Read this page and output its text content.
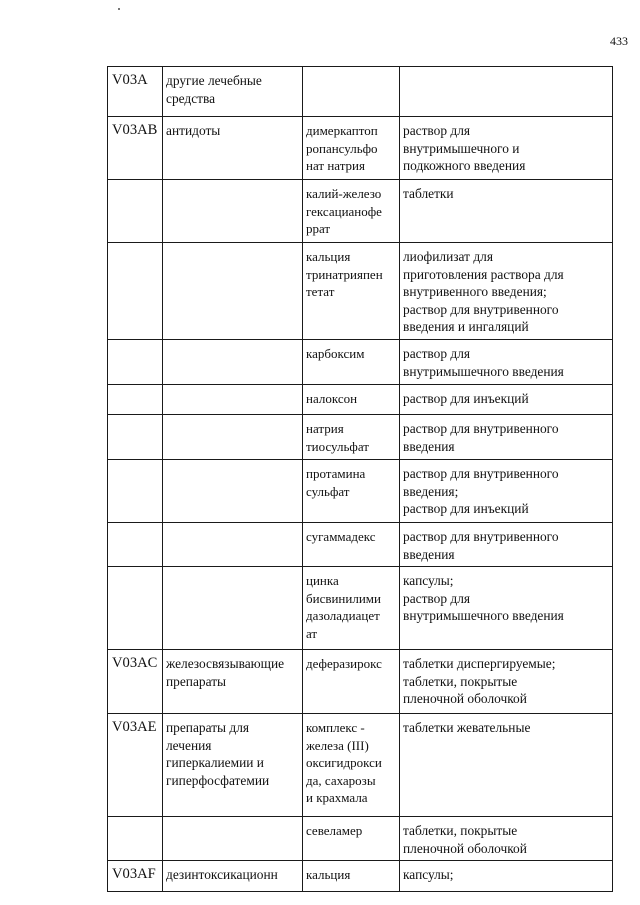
433
V03A	другие лечебные
средства		
V03AB	антидоты	димеркаптоп
ропансульфо
нат натрия	раствор для
внутримышечного и
подкожного введения
		калий-железо
гексацианофе
ррат	таблетки
		кальция
тринатрияпен
тетат	лиофилизат для
приготовления раствора для
внутривенного введения;
раствор для внутривенного
введения и ингаляций
		карбоксим	раствор для
внутримышечного введения
		налоксон	раствор для инъекций
		натрия
тиосульфат	раствор для внутривенного
введения
		протамина
сульфат	раствор для внутривенного
введения;
раствор для инъекций
		сугаммадекс	раствор для внутривенного
введения
		цинка
бисвинилими
дазоладиацет
ат	капсулы;
раствор для
внутримышечного введения
V03AC	железосвязывающие
препараты	деферазирокс	таблетки диспергируемые;
таблетки, покрытые
пленочной оболочкой
V03AE	препараты для
лечения
гиперкалиемии и
гиперфосфатемии	комплекс -
железа (III)
оксигидрокси
да, сахарозы
и крахмала	таблетки жевательные
		севеламер	таблетки, покрытые
пленочной оболочкой
V03AF	дезинтоксикационн	кальция	капсулы;
